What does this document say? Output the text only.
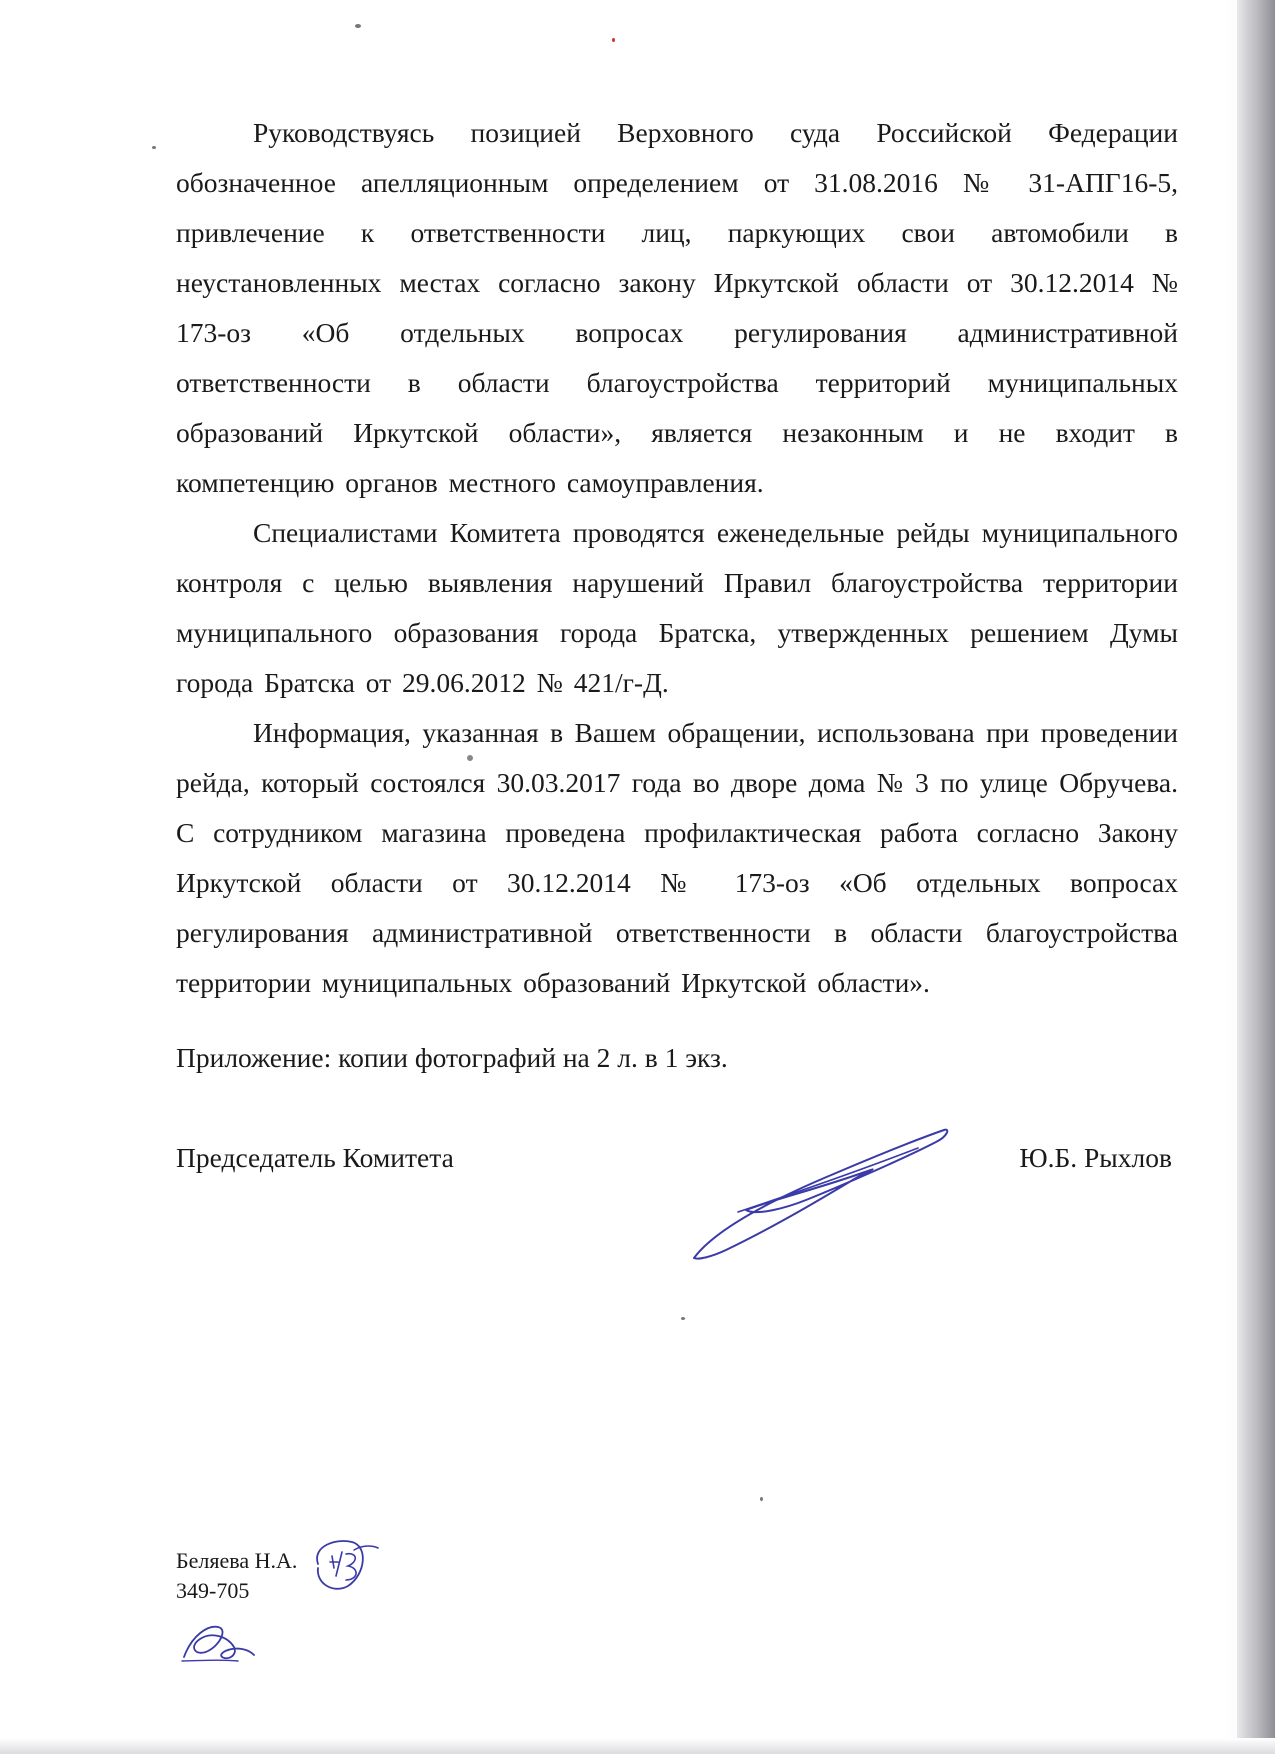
Руководствуясь позицией Верховного суда Российской Федерации обозначенное апелляционным определением от 31.08.2016 № 31-АПГ16-5, привлечение к ответственности лиц, паркующих свои автомобили в неустановленных местах согласно закону Иркутской области от 30.12.2014 № 173-оз «Об отдельных вопросах регулирования административной ответственности в области благоустройства территорий муниципальных образований Иркутской области», является незаконным и не входит в компетенцию органов местного самоуправления.

Специалистами Комитета проводятся еженедельные рейды муниципального контроля с целью выявления нарушений Правил благоустройства территории муниципального образования города Братска, утвержденных решением Думы города Братска от 29.06.2012 № 421/г-Д.

Информация, указанная в Вашем обращении, использована при проведении рейда, который состоялся 30.03.2017 года во дворе дома № 3 по улице Обручева. С сотрудником магазина проведена профилактическая работа согласно Закону Иркутской области от 30.12.2014 № 173-оз «Об отдельных вопросах регулирования административной ответственности в области благоустройства территории муниципальных образований Иркутской области».

Приложение: копии фотографий на 2 л. в 1 экз.
Председатель Комитета	Ю.Б. Рыхлов
Беляева Н.А.
349-705
